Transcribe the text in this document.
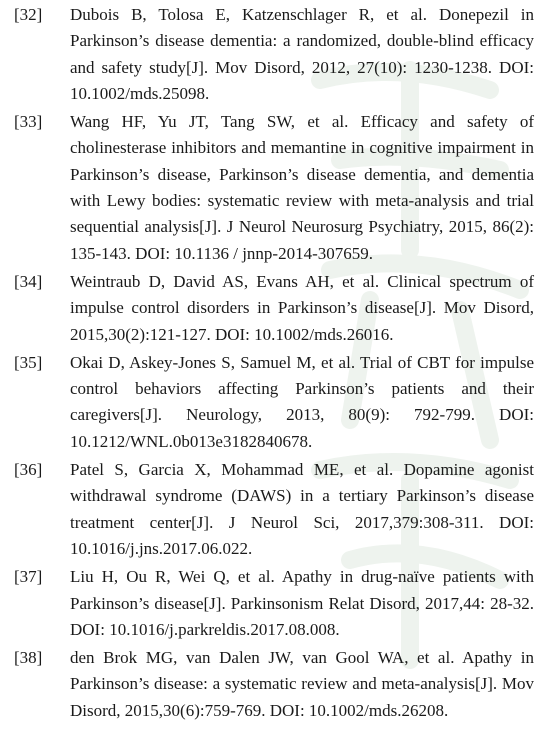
[32]	Dubois B, Tolosa E, Katzenschlager R, et al. Donepezil in Parkinson’s disease dementia: a randomized, double-blind efficacy and safety study[J]. Mov Disord, 2012, 27(10): 1230-1238. DOI: 10.1002/mds.25098.
[33]	Wang HF, Yu JT, Tang SW, et al. Efficacy and safety of cholinesterase inhibitors and memantine in cognitive impairment in Parkinson’s disease, Parkinson’s disease dementia, and dementia with Lewy bodies: systematic review with meta-analysis and trial sequential analysis[J]. J Neurol Neurosurg Psychiatry, 2015, 86(2): 135-143. DOI: 10.1136 / jnnp-2014-307659.
[34]	Weintraub D, David AS, Evans AH, et al. Clinical spectrum of impulse control disorders in Parkinson’s disease[J]. Mov Disord, 2015,30(2):121-127. DOI: 10.1002/mds.26016.
[35]	Okai D, Askey-Jones S, Samuel M, et al. Trial of CBT for impulse control behaviors affecting Parkinson’s patients and their caregivers[J]. Neurology, 2013, 80(9): 792-799. DOI: 10.1212/WNL.0b013e3182840678.
[36]	Patel S, Garcia X, Mohammad ME, et al. Dopamine agonist withdrawal syndrome (DAWS) in a tertiary Parkinson’s disease treatment center[J]. J Neurol Sci, 2017,379:308-311. DOI: 10.1016/j.jns.2017.06.022.
[37]	Liu H, Ou R, Wei Q, et al. Apathy in drug-naïve patients with Parkinson’s disease[J]. Parkinsonism Relat Disord, 2017,44: 28-32. DOI: 10.1016/j.parkreldis.2017.08.008.
[38]	den Brok MG, van Dalen JW, van Gool WA, et al. Apathy in Parkinson’s disease: a systematic review and meta-analysis[J]. Mov Disord, 2015,30(6):759-769. DOI: 10.1002/mds.26208.
